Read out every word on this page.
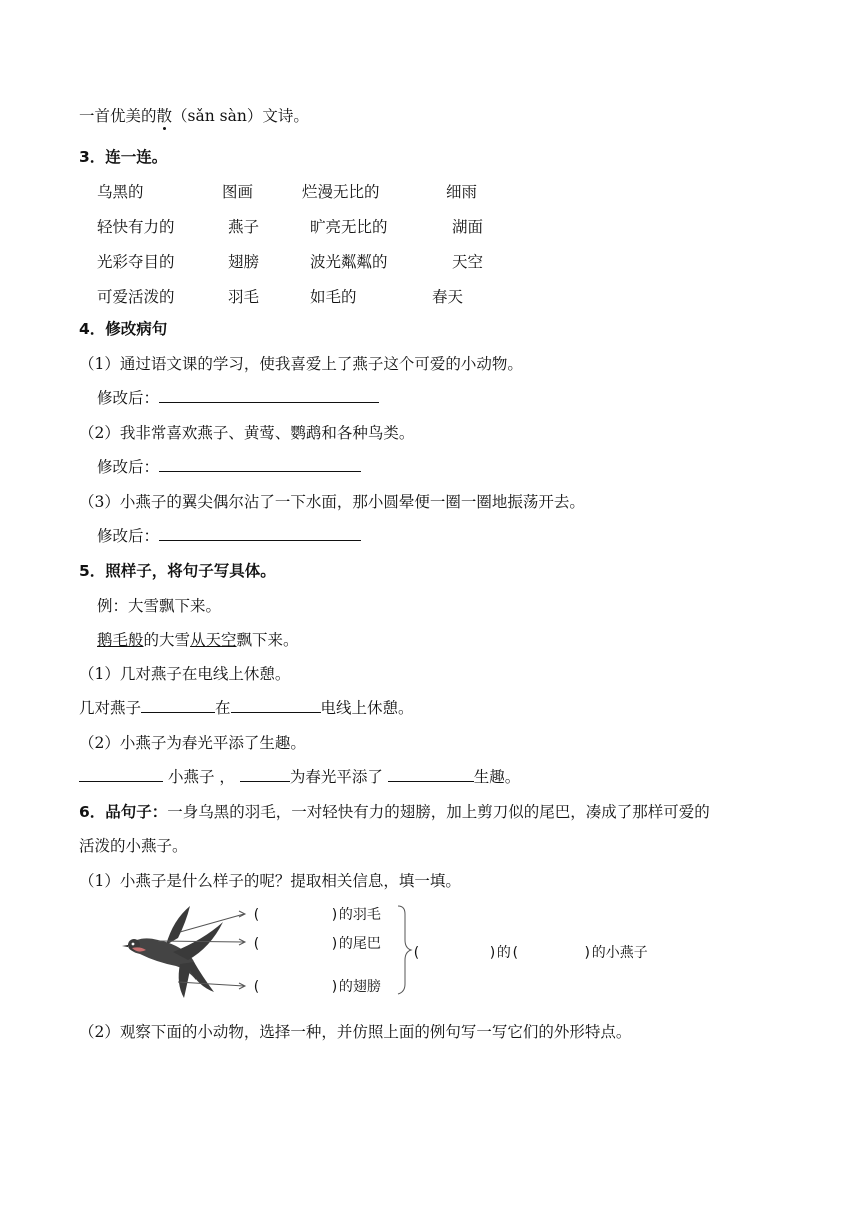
一首优美的散（sǎn sàn）文诗。
3．连一连。
乌黑的	图画	烂漫无比的	细雨
轻快有力的	燕子	旷亮无比的	湖面
光彩夺目的	翅膀	波光粼粼的	天空
可爱活泼的	羽毛	如毛的	春天
4．修改病句
（1）通过语文课的学习，使我喜爱上了燕子这个可爱的小动物。
修改后：
（2）我非常喜欢燕子、黄莺、鹦鹉和各种鸟类。
修改后：
（3）小燕子的翼尖偶尔沾了一下水面，那小圆晕便一圈一圈地振荡开去。
修改后：
5．照样子，将句子写具体。
例：大雪飘下来。
鹅毛般的大雪从天空飘下来。
（1）几对燕子在电线上休憩。
几对燕子	在	电线上休憩。
（2）小燕子为春光平添了生趣。
小燕子 ，	为春光平添了	生趣。
6．品句子：一身乌黑的羽毛，一对轻快有力的翅膀，加上剪刀似的尾巴，凑成了那样可爱的
活泼的小燕子。
（1）小燕子是什么样子的呢？提取相关信息，填一填。
(	)的羽毛
(	)的尾巴
(	)的翅膀
(	)的(	)的小燕子
（2）观察下面的小动物，选择一种，并仿照上面的例句写一写它们的外形特点。
